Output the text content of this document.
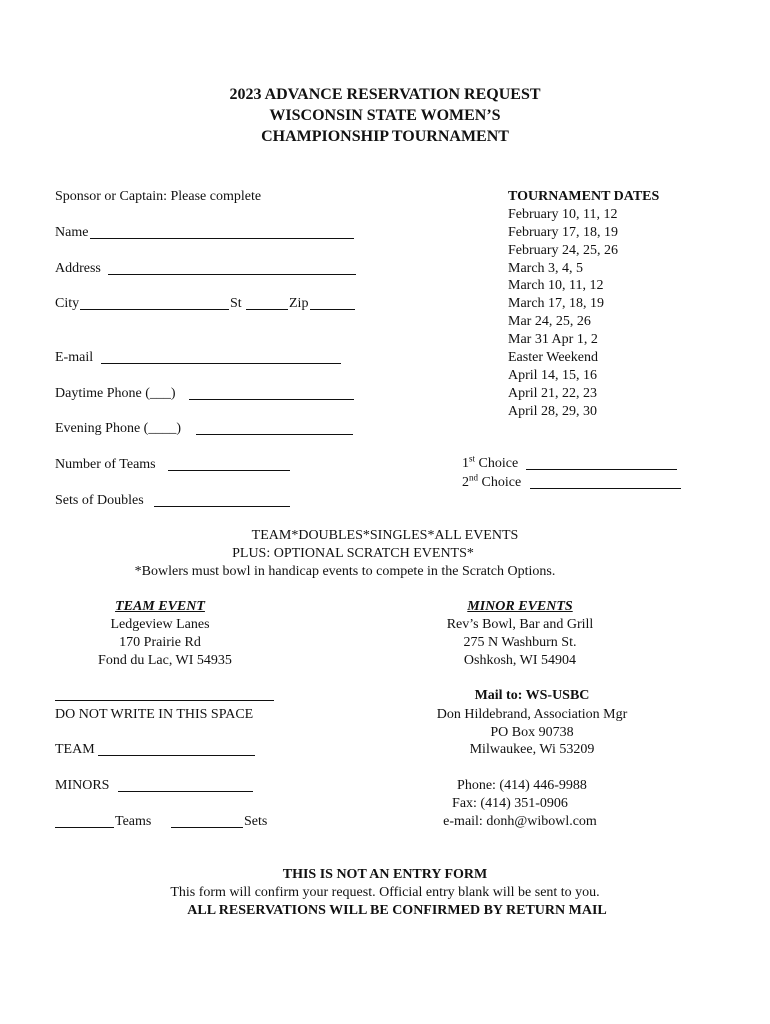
2023 ADVANCE RESERVATION REQUEST
WISCONSIN STATE WOMEN’S
CHAMPIONSHIP TOURNAMENT
Sponsor or Captain: Please complete
Name
Address
City	St	Zip
E-mail
Daytime Phone (___)
Evening Phone (____)
Number of Teams
Sets of Doubles
TOURNAMENT DATES
February 10, 11, 12
February 17, 18, 19
February 24, 25, 26
March 3, 4, 5
March 10, 11, 12
March 17, 18, 19
Mar 24, 25, 26
Mar 31 Apr 1, 2
Easter Weekend
April 14, 15, 16
April 21, 22, 23
April 28, 29, 30
1st Choice
2nd Choice
TEAM*DOUBLES*SINGLES*ALL EVENTS
PLUS: OPTIONAL SCRATCH EVENTS*
*Bowlers must bowl in handicap events to compete in the Scratch Options.
TEAM EVENT
Ledgeview Lanes
170 Prairie Rd
Fond du Lac, WI 54935
MINOR EVENTS
Rev’s Bowl, Bar and Grill
275 N Washburn St.
Oshkosh, WI 54904
DO NOT WRITE IN THIS SPACE
TEAM
MINORS
Teams	Sets
Mail to: WS-USBC
Don Hildebrand, Association Mgr
PO Box 90738
Milwaukee, Wi 53209
Phone: (414) 446-9988
Fax: (414) 351-0906
e-mail: donh@wibowl.com
THIS IS NOT AN ENTRY FORM
This form will confirm your request. Official entry blank will be sent to you.
ALL RESERVATIONS WILL BE CONFIRMED BY RETURN MAIL
